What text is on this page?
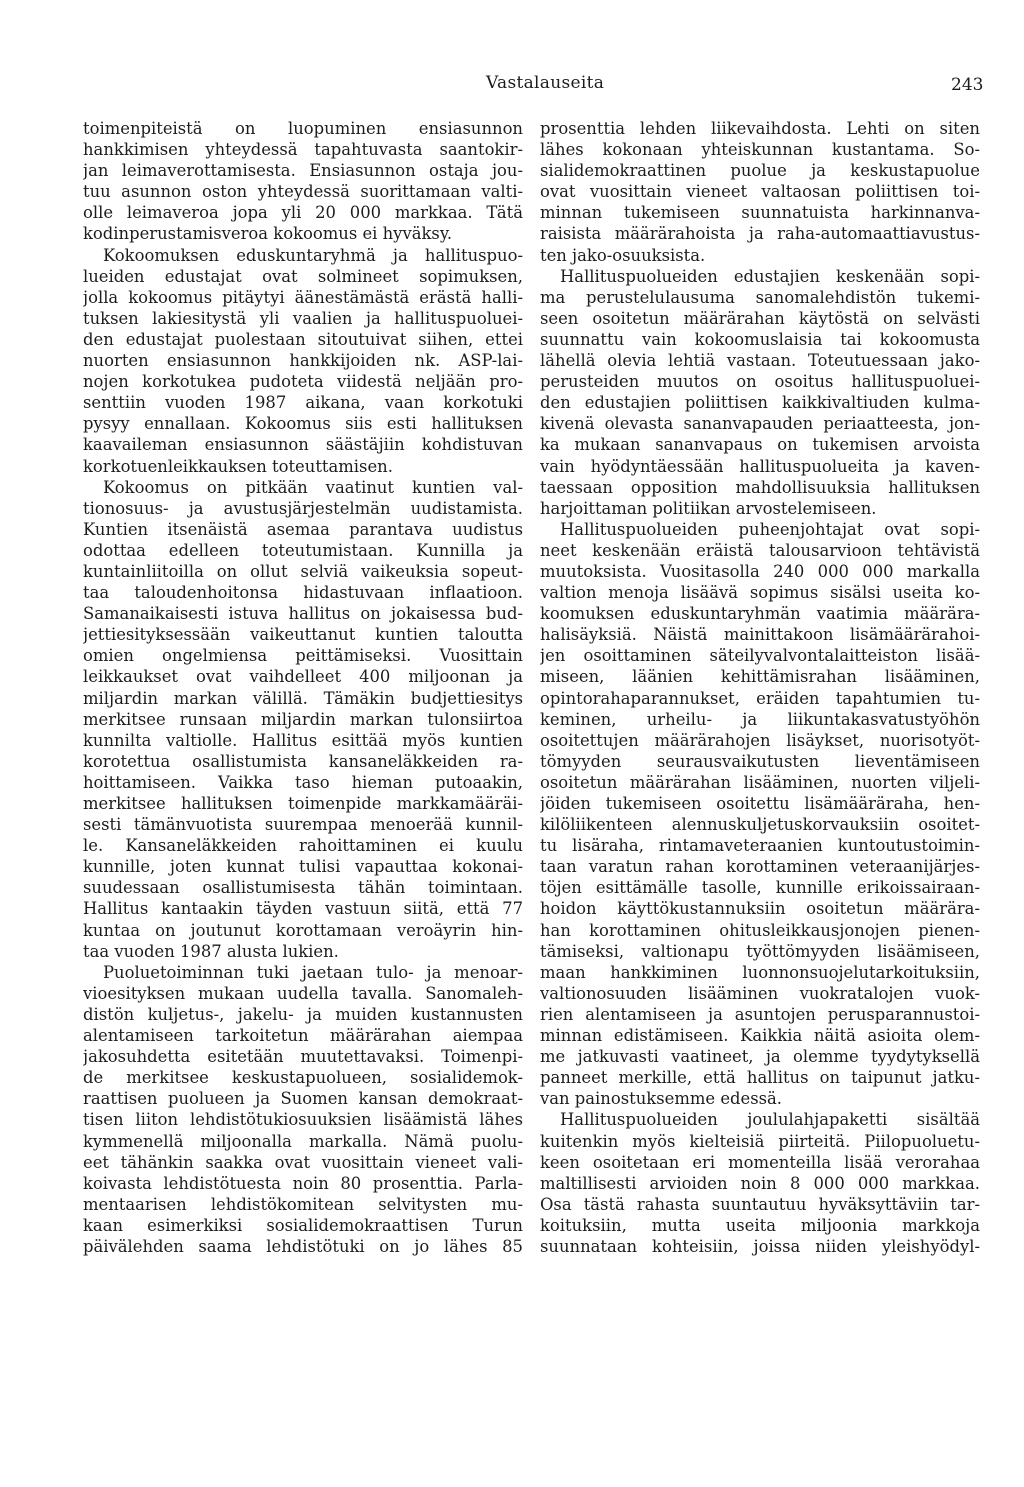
Vastalauseita	243
toimenpiteistä on luopuminen ensiasunnon
hankkimisen yhteydessä tapahtuvasta saantokir-
jan leimaverottamisesta. Ensiasunnon ostaja jou-
tuu asunnon oston yhteydessä suorittamaan valti-
olle leimaveroa jopa yli 20 000 markkaa. Tätä
kodinperustamisveroa kokoomus ei hyväksy.
Kokoomuksen eduskuntaryhmä ja hallituspuo-
lueiden edustajat ovat solmineet sopimuksen,
jolla kokoomus pitäytyi äänestämästä erästä halli-
tuksen lakiesitystä yli vaalien ja hallituspuoluei-
den edustajat puolestaan sitoutuivat siihen, ettei
nuorten ensiasunnon hankkijoiden nk. ASP-lai-
nojen korkotukea pudoteta viidestä neljään pro-
senttiin vuoden 1987 aikana, vaan korkotuki
pysyy ennallaan. Kokoomus siis esti hallituksen
kaavaileman ensiasunnon säästäjiin kohdistuvan
korkotuenleikkauksen toteuttamisen.
Kokoomus on pitkään vaatinut kuntien val-
tionosuus- ja avustusjärjestelmän uudistamista.
Kuntien itsenäistä asemaa parantava uudistus
odottaa edelleen toteutumistaan. Kunnilla ja
kuntainliitoilla on ollut selviä vaikeuksia sopeut-
taa taloudenhoitonsa hidastuvaan inflaatioon.
Samanaikaisesti istuva hallitus on jokaisessa bud-
jettiesityksessään vaikeuttanut kuntien taloutta
omien ongelmiensa peittämiseksi. Vuosittain
leikkaukset ovat vaihdelleet 400 miljoonan ja
miljardin markan välillä. Tämäkin budjettiesitys
merkitsee runsaan miljardin markan tulonsiirtoa
kunnilta valtiolle. Hallitus esittää myös kuntien
korotettua osallistumista kansaneläkkeiden ra-
hoittamiseen. Vaikka taso hieman putoaakin,
merkitsee hallituksen toimenpide markkamääräi-
sesti tämänvuotista suurempaa menoerää kunnil-
le. Kansaneläkkeiden rahoittaminen ei kuulu
kunnille, joten kunnat tulisi vapauttaa kokonai-
suudessaan osallistumisesta tähän toimintaan.
Hallitus kantaakin täyden vastuun siitä, että 77
kuntaa on joutunut korottamaan veroäyrin hin-
taa vuoden 1987 alusta lukien.
Puoluetoiminnan tuki jaetaan tulo- ja menoar-
vioesityksen mukaan uudella tavalla. Sanomaleh-
distön kuljetus-, jakelu- ja muiden kustannusten
alentamiseen tarkoitetun määrärahan aiempaa
jakosuhdetta esitetään muutettavaksi. Toimenpi-
de merkitsee keskustapuolueen, sosialidemok-
raattisen puolueen ja Suomen kansan demokraat-
tisen liiton lehdistötukiosuuksien lisäämistä lähes
kymmenellä miljoonalla markalla. Nämä puolu-
eet tähänkin saakka ovat vuosittain vieneet vali-
koivasta lehdistötuesta noin 80 prosenttia. Parla-
mentaarisen lehdistökomitean selvitysten mu-
kaan esimerkiksi sosialidemokraattisen Turun
päivälehden saama lehdistötuki on jo lähes 85
prosenttia lehden liikevaihdosta. Lehti on siten
lähes kokonaan yhteiskunnan kustantama. So-
sialidemokraattinen puolue ja keskustapuolue
ovat vuosittain vieneet valtaosan poliittisen toi-
minnan tukemiseen suunnatuista harkinnanva-
raisista määrärahoista ja raha-automaattiavustus-
ten jako-osuuksista.
Hallituspuolueiden edustajien keskenään sopi-
ma perustelulausuma sanomalehdistön tukemi-
seen osoitetun määrärahan käytöstä on selvästi
suunnattu vain kokoomuslaisia tai kokoomusta
lähellä olevia lehtiä vastaan. Toteutuessaan jako-
perusteiden muutos on osoitus hallituspuoluei-
den edustajien poliittisen kaikkivaltiuden kulma-
kivenä olevasta sananvapauden periaatteesta, jon-
ka mukaan sananvapaus on tukemisen arvoista
vain hyödyntäessään hallituspuolueita ja kaven-
taessaan opposition mahdollisuuksia hallituksen
harjoittaman politiikan arvostelemiseen.
Hallituspuolueiden puheenjohtajat ovat sopi-
neet keskenään eräistä talousarvioon tehtävistä
muutoksista. Vuositasolla 240 000 000 markalla
valtion menoja lisäävä sopimus sisälsi useita ko-
koomuksen eduskuntaryhmän vaatimia määrära-
halisäyksiä. Näistä mainittakoon lisämäärärahoi-
jen osoittaminen säteilyvalvontalaitteiston lisää-
miseen, läänien kehittämisrahan lisääminen,
opintorahaparannukset, eräiden tapahtumien tu-
keminen, urheilu- ja liikuntakasvatustyöhön
osoitettujen määrärahojen lisäykset, nuorisotyöt-
tömyyden seurausvaikutusten lieventämiseen
osoitetun määrärahan lisääminen, nuorten viljeli-
jöiden tukemiseen osoitettu lisämääräraha, hen-
kilöliikenteen alennuskuljetuskorvauksiin osoitet-
tu lisäraha, rintamaveteraanien kuntoutustoimin-
taan varatun rahan korottaminen veteraanijärjes-
töjen esittämälle tasolle, kunnille erikoissairaan-
hoidon käyttökustannuksiin osoitetun määrära-
han korottaminen ohitusleikkausjonojen pienen-
tämiseksi, valtionapu työttömyyden lisäämiseen,
maan hankkiminen luonnonsuojelutarkoituksiin,
valtionosuuden lisääminen vuokratalojen vuok-
rien alentamiseen ja asuntojen perusparannustoi-
minnan edistämiseen. Kaikkia näitä asioita olem-
me jatkuvasti vaatineet, ja olemme tyydytyksellä
panneet merkille, että hallitus on taipunut jatku-
van painostuksemme edessä.
Hallituspuolueiden joululahjapaketti sisältää
kuitenkin myös kielteisiä piirteitä. Piilopuoluetu-
keen osoitetaan eri momenteilla lisää verorahaa
maltillisesti arvioiden noin 8 000 000 markkaa.
Osa tästä rahasta suuntautuu hyväksyttäviin tar-
koituksiin, mutta useita miljoonia markkoja
suunnataan kohteisiin, joissa niiden yleishyödyl-
